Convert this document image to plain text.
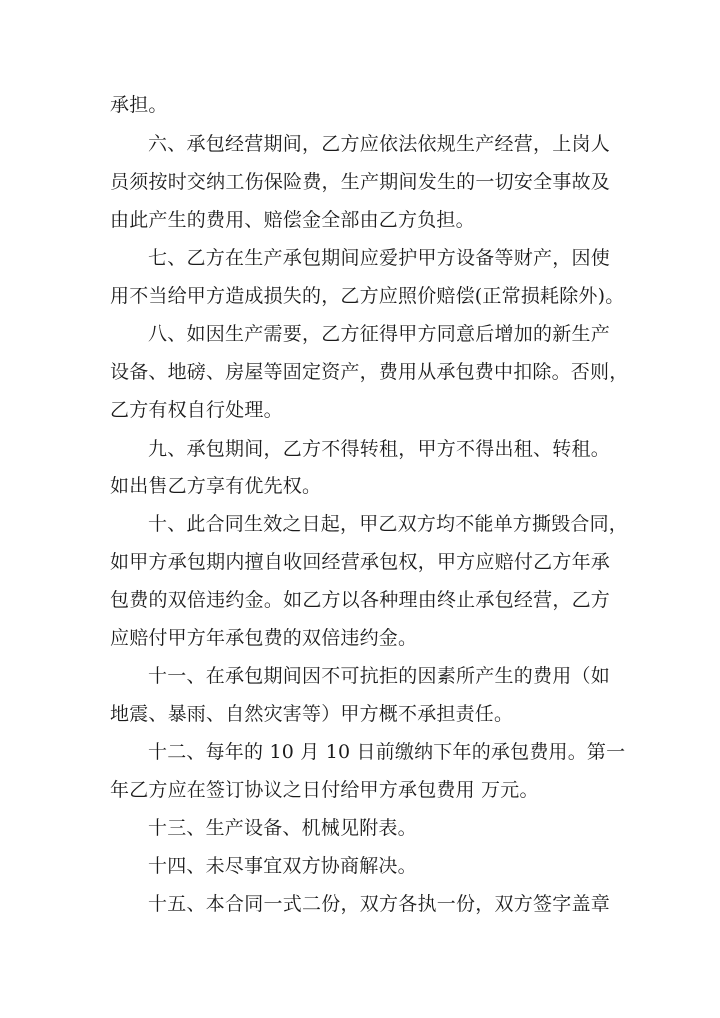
承担。
六、承包经营期间，乙方应依法依规生产经营，上岗人
员须按时交纳工伤保险费，生产期间发生的一切安全事故及
由此产生的费用、赔偿金全部由乙方负担。
七、乙方在生产承包期间应爱护甲方设备等财产，因使
用不当给甲方造成损失的，乙方应照价赔偿(正常损耗除外)。
八、如因生产需要，乙方征得甲方同意后增加的新生产
设备、地磅、房屋等固定资产，费用从承包费中扣除。否则，
乙方有权自行处理。
九、承包期间，乙方不得转租，甲方不得出租、转租。
如出售乙方享有优先权。
十、此合同生效之日起，甲乙双方均不能单方撕毁合同，
如甲方承包期内擅自收回经营承包权，甲方应赔付乙方年承
包费的双倍违约金。如乙方以各种理由终止承包经营，乙方
应赔付甲方年承包费的双倍违约金。
十一、在承包期间因不可抗拒的因素所产生的费用（如
地震、暴雨、自然灾害等）甲方概不承担责任。
十二、每年的 10 月 10 日前缴纳下年的承包费用。第一
年乙方应在签订协议之日付给甲方承包费用 万元。
十三、生产设备、机械见附表。
十四、未尽事宜双方协商解决。
十五、本合同一式二份，双方各执一份，双方签字盖章
